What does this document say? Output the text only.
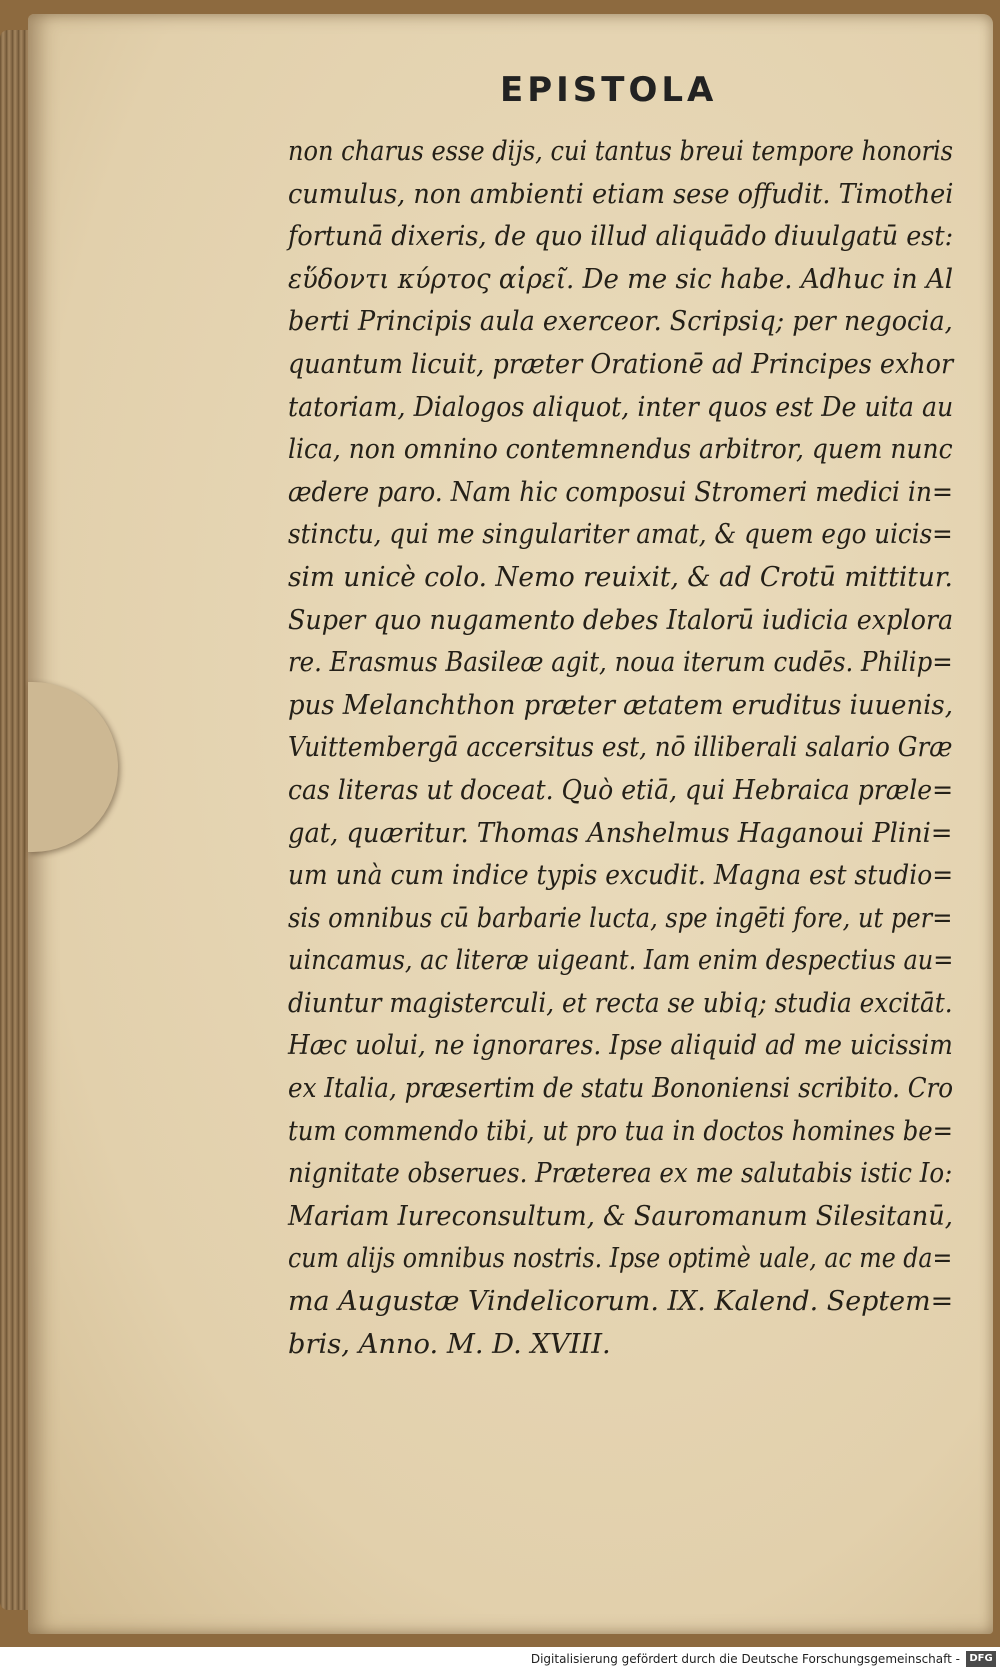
EPISTOLA
non charus esse dijs, cui tantus breui tempore honoris
cumulus, non ambienti etiam sese offudit. Timothei
fortunā dixeris, de quo illud aliquādo diuulgatū est:
εὕδοντι κύρτος αἱρεῖ. De me sic habe. Adhuc in Al
berti Principis aula exerceor. Scripsiq; per negocia,
quantum licuit, præter Orationē ad Principes exhor
tatoriam, Dialogos aliquot, inter quos est De uita au
lica, non omnino contemnendus arbitror, quem nunc
ædere paro. Nam hic composui Stromeri medici in=
stinctu, qui me singulariter amat, & quem ego uicis=
sim unicè colo. Nemo reuixit, & ad Crotū mittitur.
Super quo nugamento debes Italorū iudicia explora
re. Erasmus Basileæ agit, noua iterum cudēs. Philip=
pus Melanchthon præter ætatem eruditus iuuenis,
Vuittembergā accersitus est, nō illiberali salario Græ
cas literas ut doceat. Quò etiā, qui Hebraica præle=
gat, quæritur. Thomas Anshelmus Haganoui Plini=
um unà cum indice typis excudit. Magna est studio=
sis omnibus cū barbarie lucta, spe ingēti fore, ut per=
uincamus, ac literæ uigeant. Iam enim despectius au=
diuntur magisterculi, et recta se ubiq; studia excitāt.
Hæc uolui, ne ignorares. Ipse aliquid ad me uicissim
ex Italia, præsertim de statu Bononiensi scribito. Cro
tum commendo tibi, ut pro tua in doctos homines be=
nignitate obserues. Præterea ex me salutabis istic Io:
Mariam Iureconsultum, & Sauromanum Silesitanū,
cum alijs omnibus nostris. Ipse optimè uale, ac me da=
ma Augustæ Vindelicorum. IX. Kalend. Septem=
bris, Anno. M. D. XVIII.
Digitalisierung gefördert durch die Deutsche Forschungsgemeinschaft - DFG
